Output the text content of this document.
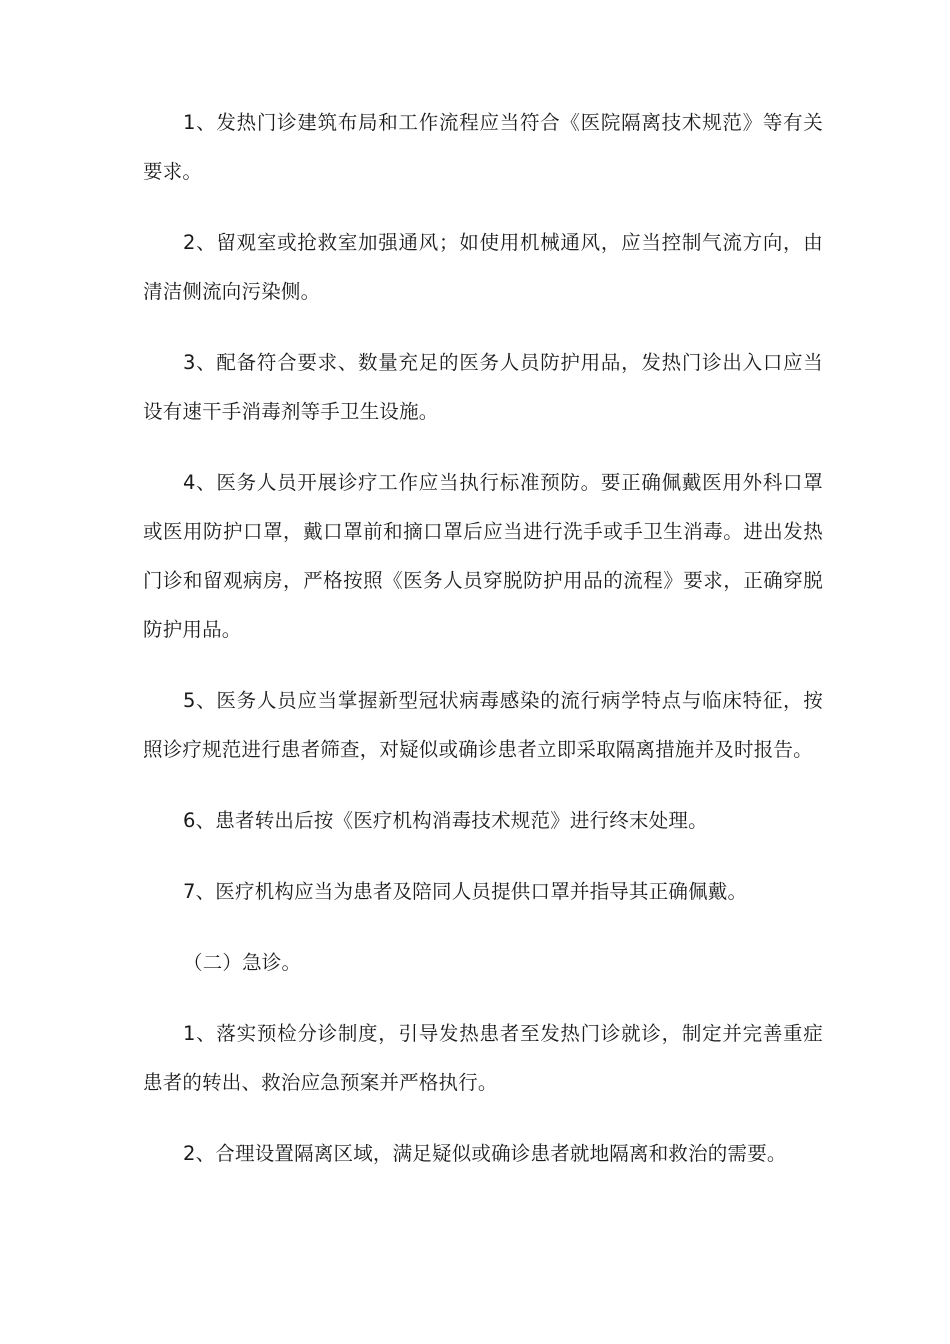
1、发热门诊建筑布局和工作流程应当符合《医院隔离技术规范》等有关要求。

2、留观室或抢救室加强通风；如使用机械通风，应当控制气流方向，由清洁侧流向污染侧。

3、配备符合要求、数量充足的医务人员防护用品，发热门诊出入口应当设有速干手消毒剂等手卫生设施。

4、医务人员开展诊疗工作应当执行标准预防。要正确佩戴医用外科口罩或医用防护口罩，戴口罩前和摘口罩后应当进行洗手或手卫生消毒。进出发热门诊和留观病房，严格按照《医务人员穿脱防护用品的流程》要求，正确穿脱防护用品。

5、医务人员应当掌握新型冠状病毒感染的流行病学特点与临床特征，按照诊疗规范进行患者筛查，对疑似或确诊患者立即采取隔离措施并及时报告。

6、患者转出后按《医疗机构消毒技术规范》进行终末处理。

7、医疗机构应当为患者及陪同人员提供口罩并指导其正确佩戴。

（二）急诊。

1、落实预检分诊制度，引导发热患者至发热门诊就诊，制定并完善重症患者的转出、救治应急预案并严格执行。

2、合理设置隔离区域，满足疑似或确诊患者就地隔离和救治的需要。
